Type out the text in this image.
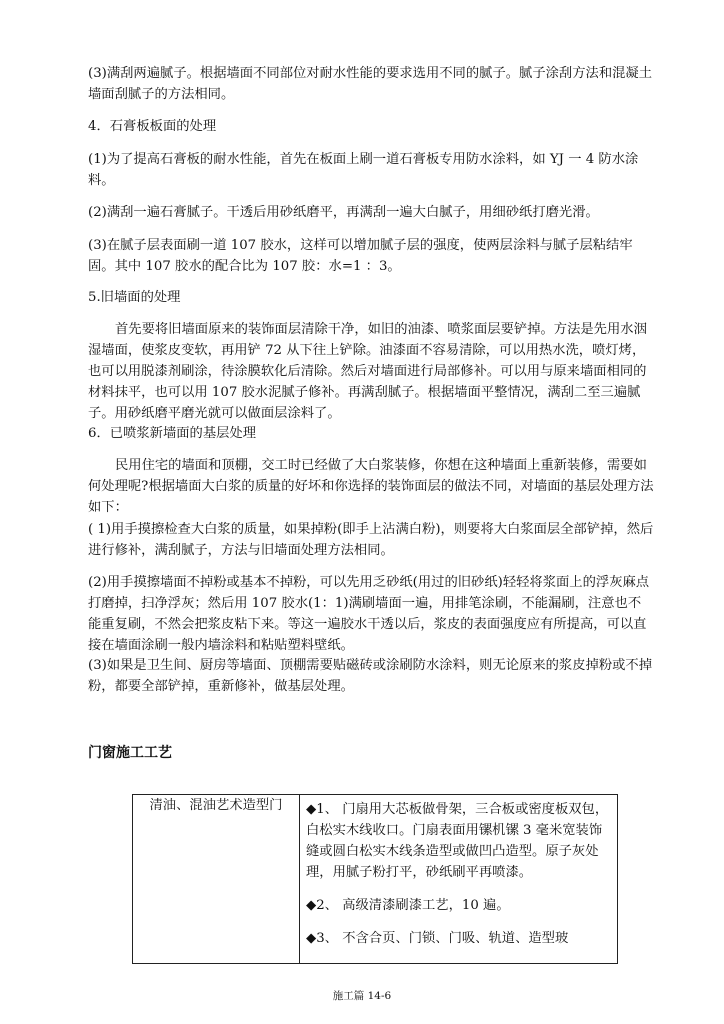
(3)满刮两遍腻子。根据墙面不同部位对耐水性能的要求选用不同的腻子。腻子涂刮方法和混凝土墙面刮腻子的方法相同。

4．石膏板板面的处理

(1)为了提高石膏板的耐水性能，首先在板面上刷一道石膏板专用防水涂料，如 YJ 一 4 防水涂料。

(2)满刮一遍石膏腻子。干透后用砂纸磨平，再满刮一遍大白腻子，用细砂纸打磨光滑。

(3)在腻子层表面刷一道 107 胶水，这样可以增加腻子层的强度，使两层涂料与腻子层粘结牢固。其中 107 胶水的配合比为 107 胶：水=1 ：3。

5.旧墙面的处理

首先要将旧墙面原来的装饰面层清除干净，如旧的油漆、喷浆面层要铲掉。方法是先用水洇湿墙面，使浆皮变软，再用铲 72 从下往上铲除。油漆面不容易清除，可以用热水洗，喷灯烤，也可以用脱漆剂刷涂，待涂膜软化后清除。然后对墙面进行局部修补。可以用与原来墙面相同的材料抹平，也可以用 107 胶水泥腻子修补。再满刮腻子。根据墙面平整情况，满刮二至三遍腻子。用砂纸磨平磨光就可以做面层涂料了。

6．已喷浆新墙面的基层处理

民用住宅的墙面和顶棚，交工时已经做了大白浆装修，你想在这种墙面上重新装修，需要如何处理呢?根据墙面大白浆的质量的好坏和你选择的装饰面层的做法不同，对墙面的基层处理方法如下：

( 1)用手摸擦检查大白浆的质量，如果掉粉(即手上沾满白粉)，则要将大白浆面层全部铲掉，然后进行修补，满刮腻子，方法与旧墙面处理方法相同。

(2)用手摸擦墙面不掉粉或基本不掉粉，可以先用乏砂纸(用过的旧砂纸)轻轻将浆面上的浮灰麻点打磨掉，扫净浮灰；然后用 107 胶水(1：1)满刷墙面一遍，用排笔涂刷，不能漏刷，注意也不能重复刷，不然会把浆皮粘下来。等这一遍胶水干透以后，浆皮的表面强度应有所提高，可以直接在墙面涂刷一般内墙涂料和粘贴塑料壁纸。

(3)如果是卫生间、厨房等墙面、顶棚需要贴磁砖或涂刷防水涂料，则无论原来的浆皮掉粉或不掉粉，都要全部铲掉，重新修补，做基层处理。

门窗施工工艺
清油、混油艺术造型门	◆1、 门扇用大芯板做骨架，三合板或密度板双包，白松实木线收口。门扇表面用镙机镙 3 毫米宽装饰缝或圆白松实木线条造型或做凹凸造型。原子灰处理，用腻子粉打平，砂纸刷平再喷漆。
◆2、 高级清漆刷漆工艺，10 遍。
◆3、 不含合页、门锁、门吸、轨道、造型玻
施工篇 14-6
